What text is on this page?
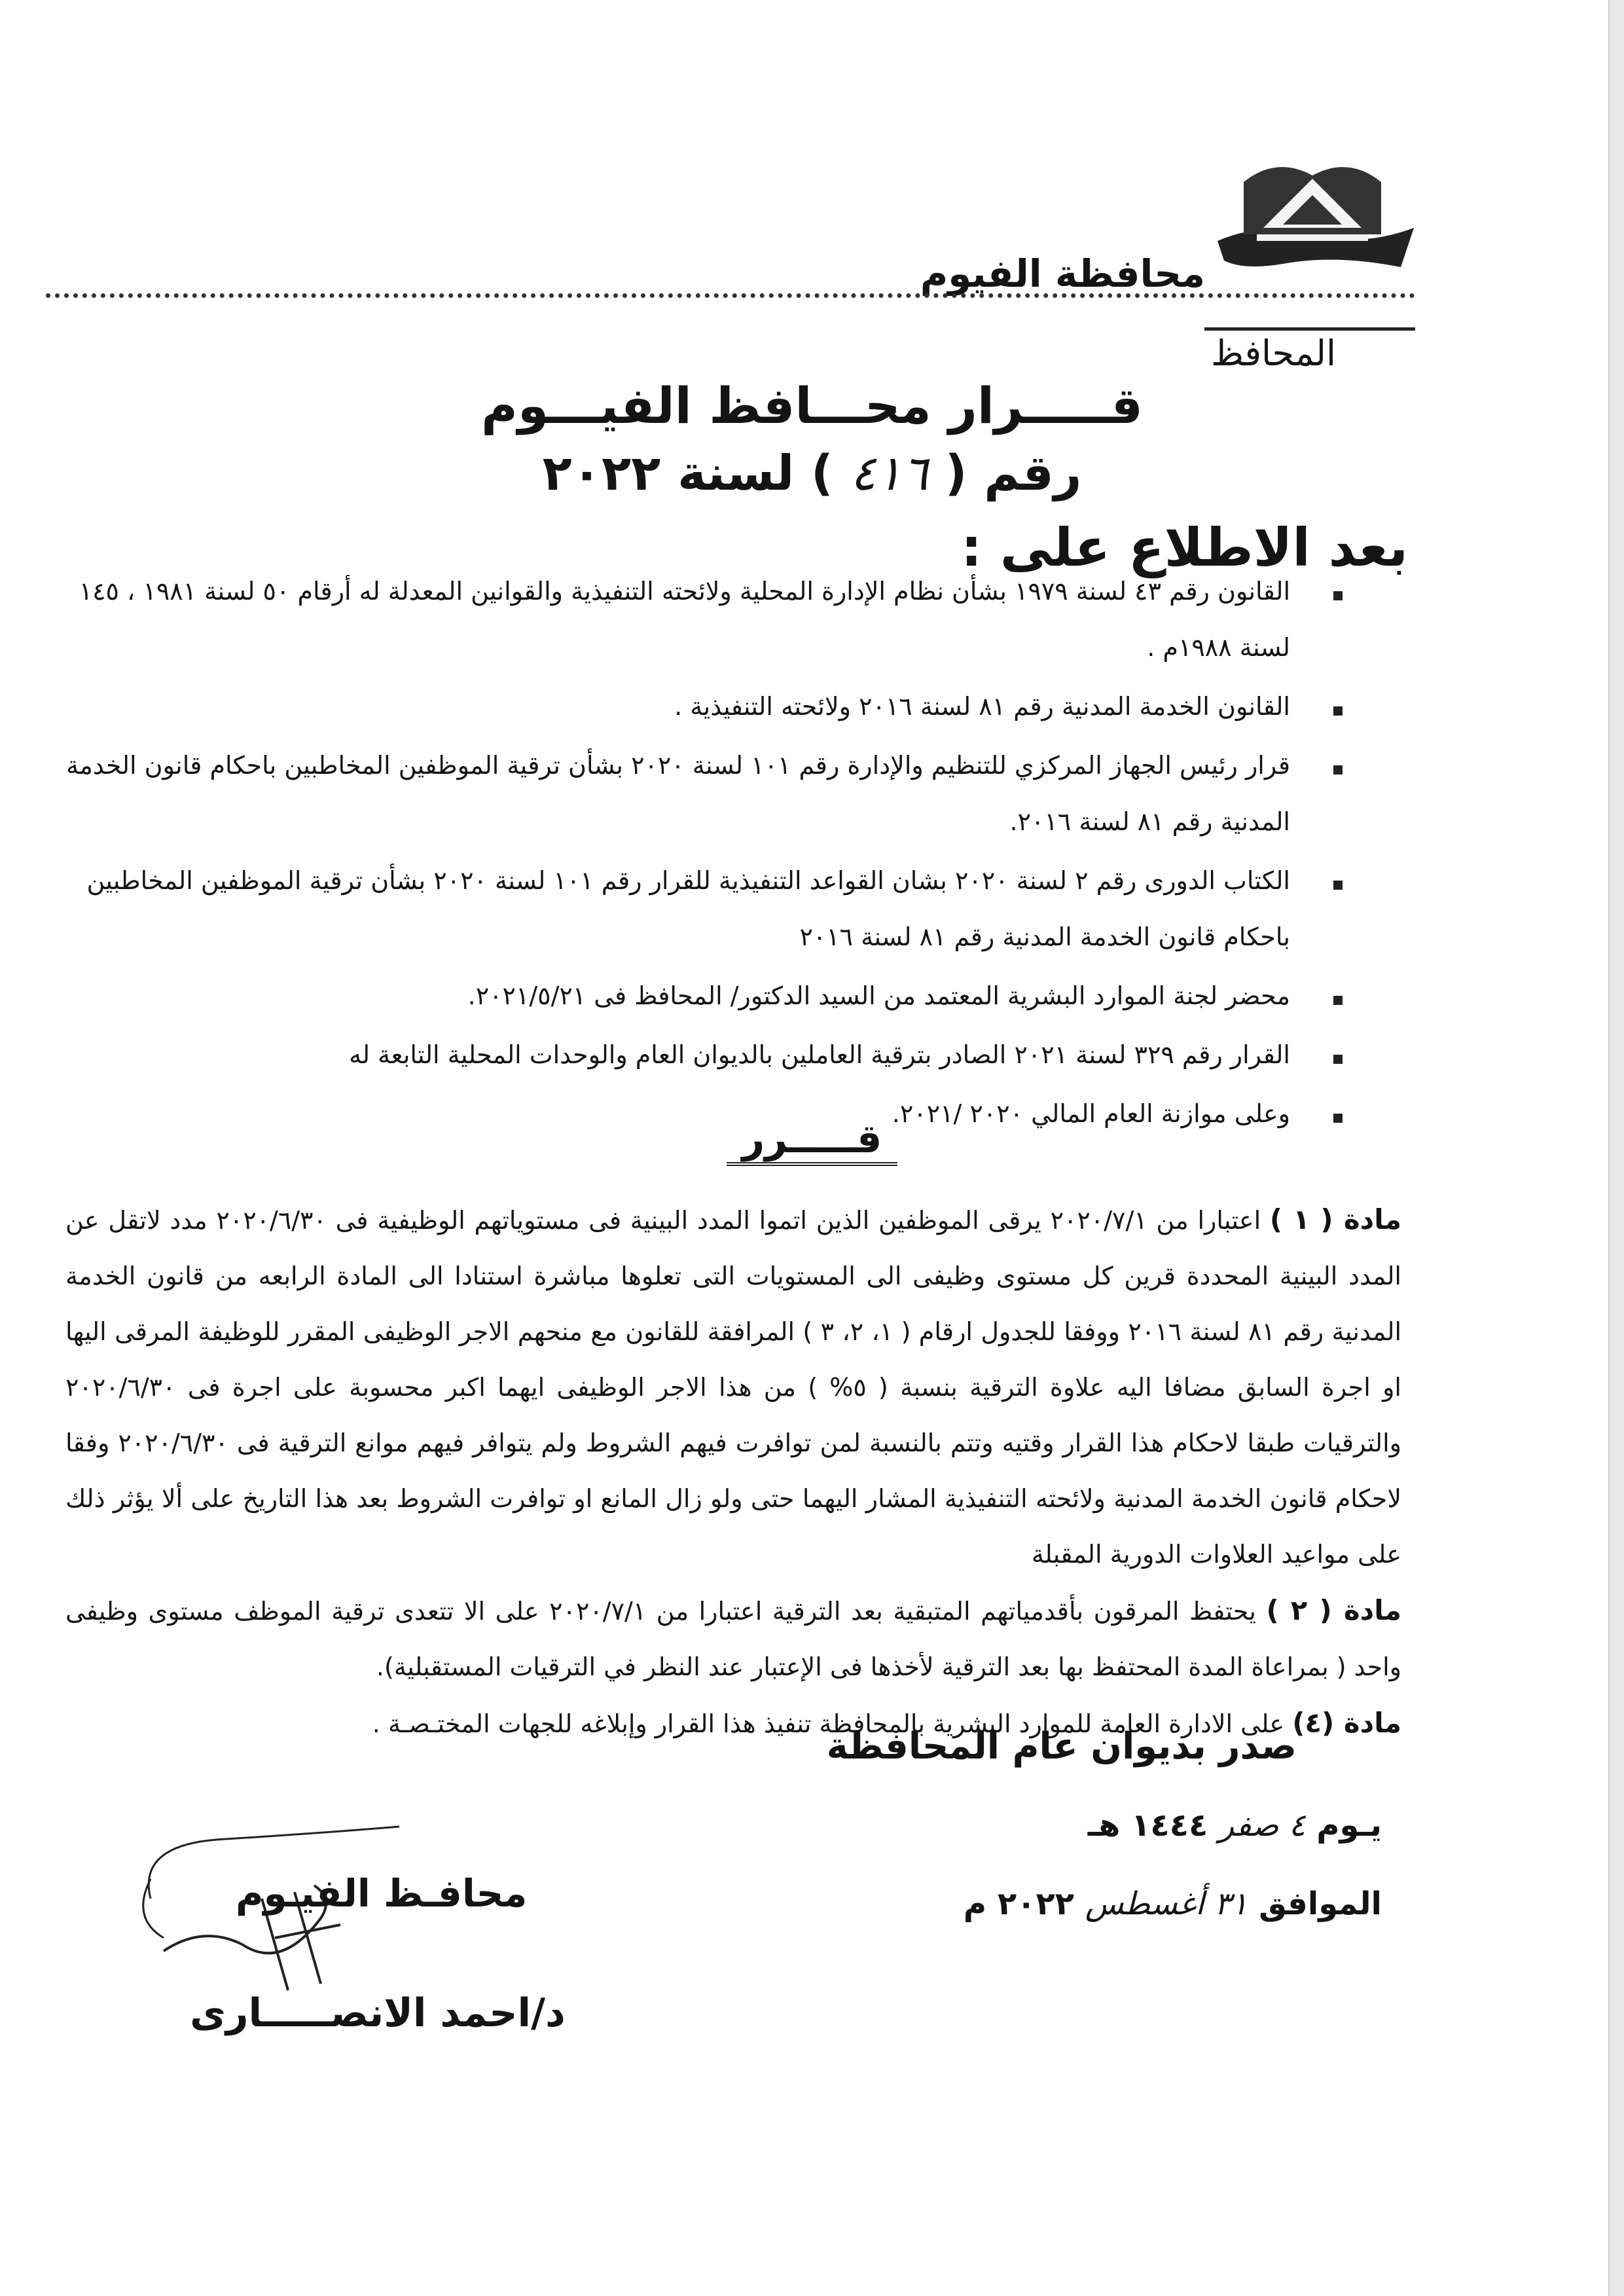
محافظة الفيوم
المحافظ
قـــــرار محـــافظ الفيـــوم
رقم ( ٤١٦ ) لسنة ٢٠٢٢
بعد الاطلاع على :
القانون رقم ٤٣ لسنة ١٩٧٩ بشأن نظام الإدارة المحلية ولائحته التنفيذية والقوانين المعدلة له أرقام ٥٠ لسنة ١٩٨١ ، ١٤٥ لسنة ١٩٨٨م .
القانون الخدمة المدنية رقم ٨١ لسنة ٢٠١٦ ولائحته التنفيذية .
قرار رئيس الجهاز المركزي للتنظيم والإدارة رقم ١٠١ لسنة ٢٠٢٠ بشأن ترقية الموظفين المخاطبين باحكام قانون الخدمة المدنية رقم ٨١ لسنة ٢٠١٦.
الكتاب الدورى رقم ٢ لسنة ٢٠٢٠ بشان القواعد التنفيذية للقرار رقم ١٠١ لسنة ٢٠٢٠ بشأن ترقية الموظفين المخاطبين باحكام قانون الخدمة المدنية رقم ٨١ لسنة ٢٠١٦
محضر لجنة الموارد البشرية المعتمد من السيد الدكتور/ المحافظ فى ٢٠٢١/٥/٢١.
القرار رقم ٣٢٩ لسنة ٢٠٢١ الصادر بترقية العاملين بالديوان العام والوحدات المحلية التابعة له
وعلى موازنة العام المالي ٢٠٢٠ /٢٠٢١.
قـــــرر
مادة ( ١ ) اعتبارا من ٢٠٢٠/٧/١ يرقى الموظفين الذين اتموا المدد البينية فى مستوياتهم الوظيفية فى ٢٠٢٠/٦/٣٠ مدد لاتقل عن المدد البينية المحددة قرين كل مستوى وظيفى الى المستويات التى تعلوها مباشرة استنادا الى المادة الرابعه من قانون الخدمة المدنية رقم ٨١ لسنة ٢٠١٦ ووفقا للجدول ارقام ( ١، ٢، ٣ ) المرافقة للقانون مع منحهم الاجر الوظيفى المقرر للوظيفة المرقى اليها او اجرة السابق مضافا اليه علاوة الترقية بنسبة ( ٥% ) من هذا الاجر الوظيفى ايهما اكبر محسوبة على اجرة فى ٢٠٢٠/٦/٣٠ والترقيات طبقا لاحكام هذا القرار وقتيه وتتم بالنسبة لمن توافرت فيهم الشروط ولم يتوافر فيهم موانع الترقية فى ٢٠٢٠/٦/٣٠ وفقا لاحكام قانون الخدمة المدنية ولائحته التنفيذية المشار اليهما حتى ولو زال المانع او توافرت الشروط بعد هذا التاريخ على ألا يؤثر ذلك على مواعيد العلاوات الدورية المقبلة
مادة ( ٢ ) يحتفظ المرقون بأقدمياتهم المتبقية بعد الترقية اعتبارا من ٢٠٢٠/٧/١ على الا تتعدى ترقية الموظف مستوى وظيفى واحد ( بمراعاة المدة المحتفظ بها بعد الترقية لأخذها فى الإعتبار عند النظر في الترقيات المستقبلية).
مادة (٤) على الادارة العامة للموارد البشرية بالمحافظة تنفيذ هذا القرار وإبلاغه للجهات المختـصـة .
صدر بديوان عام المحافظة
يـوم ٤ صفر ١٤٤٤ هـ
الموافق ٣١ أغسطس ٢٠٢٢ م
محافـظ الفيـوم
د/احمد الانصـــــارى
